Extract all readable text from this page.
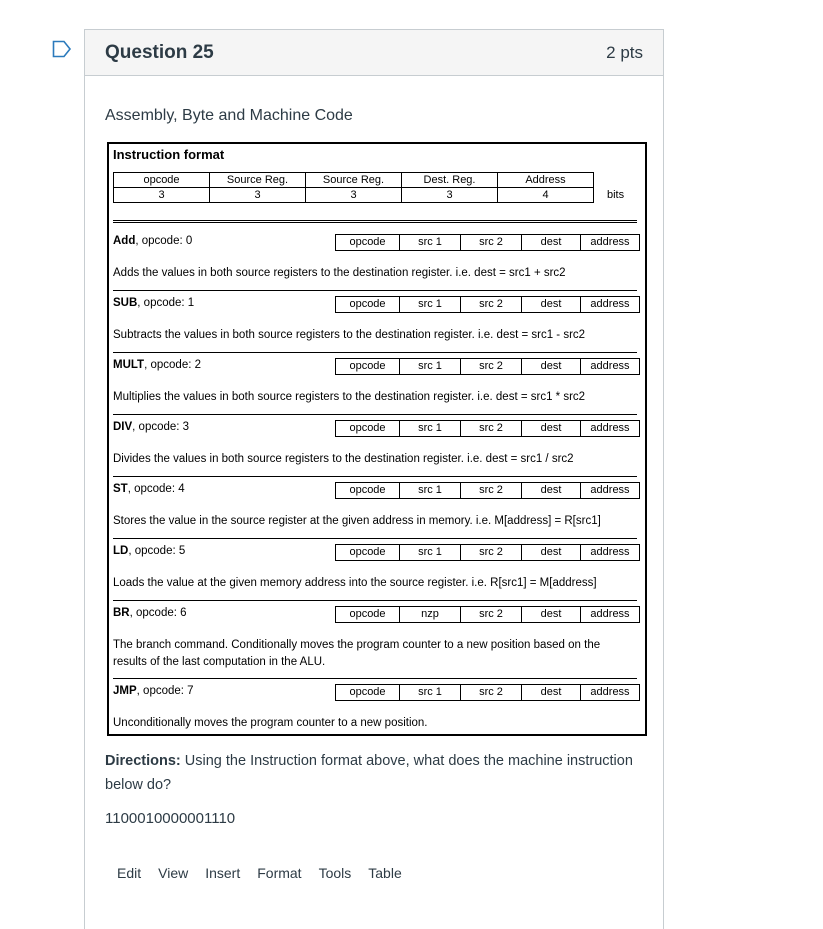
Question 25	2 pts
Assembly, Byte and Machine Code
Instruction format
opcode	Source Reg.	Source Reg.	Dest. Reg.	Address
3	3	3	3	4	bits
Add, opcode: 0	opcode	src 1	src 2	dest	address
Adds the values in both source registers to the destination register. i.e. dest = src1 + src2
SUB, opcode: 1	opcode	src 1	src 2	dest	address
Subtracts the values in both source registers to the destination register. i.e. dest = src1 - src2
MULT, opcode: 2	opcode	src 1	src 2	dest	address
Multiplies the values in both source registers to the destination register. i.e. dest = src1 * src2
DIV, opcode: 3	opcode	src 1	src 2	dest	address
Divides the values in both source registers to the destination register. i.e. dest = src1 / src2
ST, opcode: 4	opcode	src 1	src 2	dest	address
Stores the value in the source register at the given address in memory. i.e. M[address] = R[src1]
LD, opcode: 5	opcode	src 1	src 2	dest	address
Loads the value at the given memory address into the source register. i.e. R[src1] = M[address]
BR, opcode: 6	opcode	nzp	src 2	dest	address
The branch command. Conditionally moves the program counter to a new position based on the results of the last computation in the ALU.
JMP, opcode: 7	opcode	src 1	src 2	dest	address
Unconditionally moves the program counter to a new position.
Directions: Using the Instruction format above, what does the machine instruction below do?
1100010000001110
Edit View Insert Format Tools Table
